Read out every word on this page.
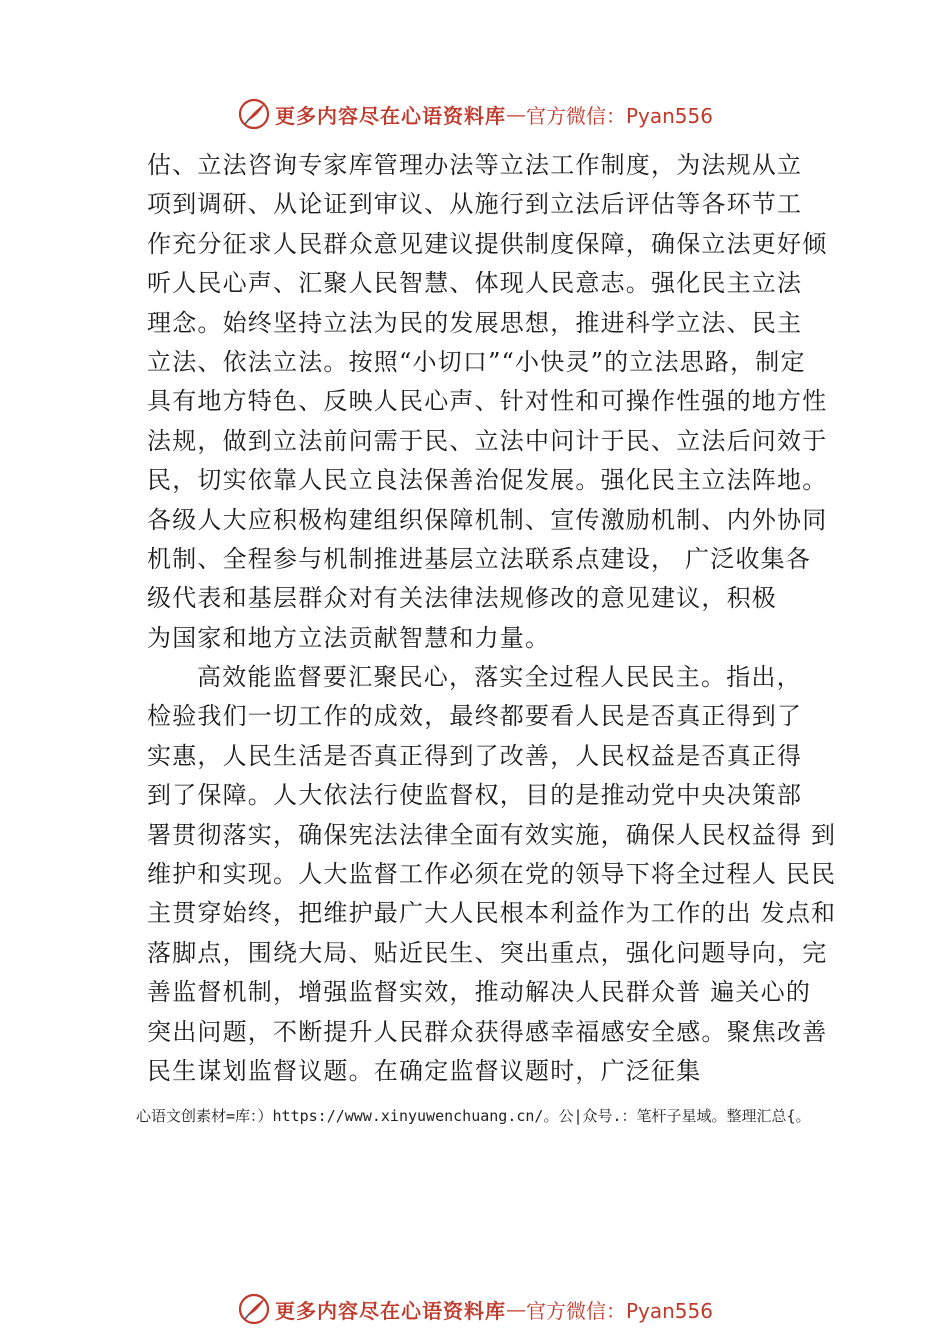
更多内容尽在心语资料库 — 官方微信：Pyan556
估、立法咨询专家库管理办法等立法工作制度，为法规从立
项到调研、从论证到审议、从施行到立法后评估等各环节工
作充分征求人民群众意见建议提供制度保障，确保立法更好倾
听人民心声、汇聚人民智慧、体现人民意志。强化民主立法
理念。始终坚持立法为民的发展思想，推进科学立法、民主
立法、依法立法。按照“小切口”“小快灵”的立法思路，制定
具有地方特色、反映人民心声、针对性和可操作性强的地方性
法规，做到立法前问需于民、立法中问计于民、立法后问效于
民，切实依靠人民立良法保善治促发展。强化民主立法阵地。
各级人大应积极构建组织保障机制、宣传激励机制、内外协同
机制、全程参与机制推进基层立法联系点建设， 广泛收集各
级代表和基层群众对有关法律法规修改的意见建议，积极
为国家和地方立法贡献智慧和力量。
高效能监督要汇聚民心，落实全过程人民民主。指出，
检验我们一切工作的成效，最终都要看人民是否真正得到了
实惠，人民生活是否真正得到了改善，人民权益是否真正得
到了保障。人大依法行使监督权，目的是推动党中央决策部
署贯彻落实，确保宪法法律全面有效实施，确保人民权益得 到
维护和实现。人大监督工作必须在党的领导下将全过程人 民民
主贯穿始终，把维护最广大人民根本利益作为工作的出 发点和
落脚点，围绕大局、贴近民生、突出重点，强化问题导向，完
善监督机制，增强监督实效，推动解决人民群众普 遍关心的
突出问题，不断提升人民群众获得感幸福感安全感。聚焦改善
民生谋划监督议题。在确定监督议题时，广泛征集
心语文创素材=库：）https://www.xinyuwenchuang.cn/。公|众号.：笔杆子星域。整理汇总{。
更多内容尽在心语资料库 — 官方微信：Pyan556
